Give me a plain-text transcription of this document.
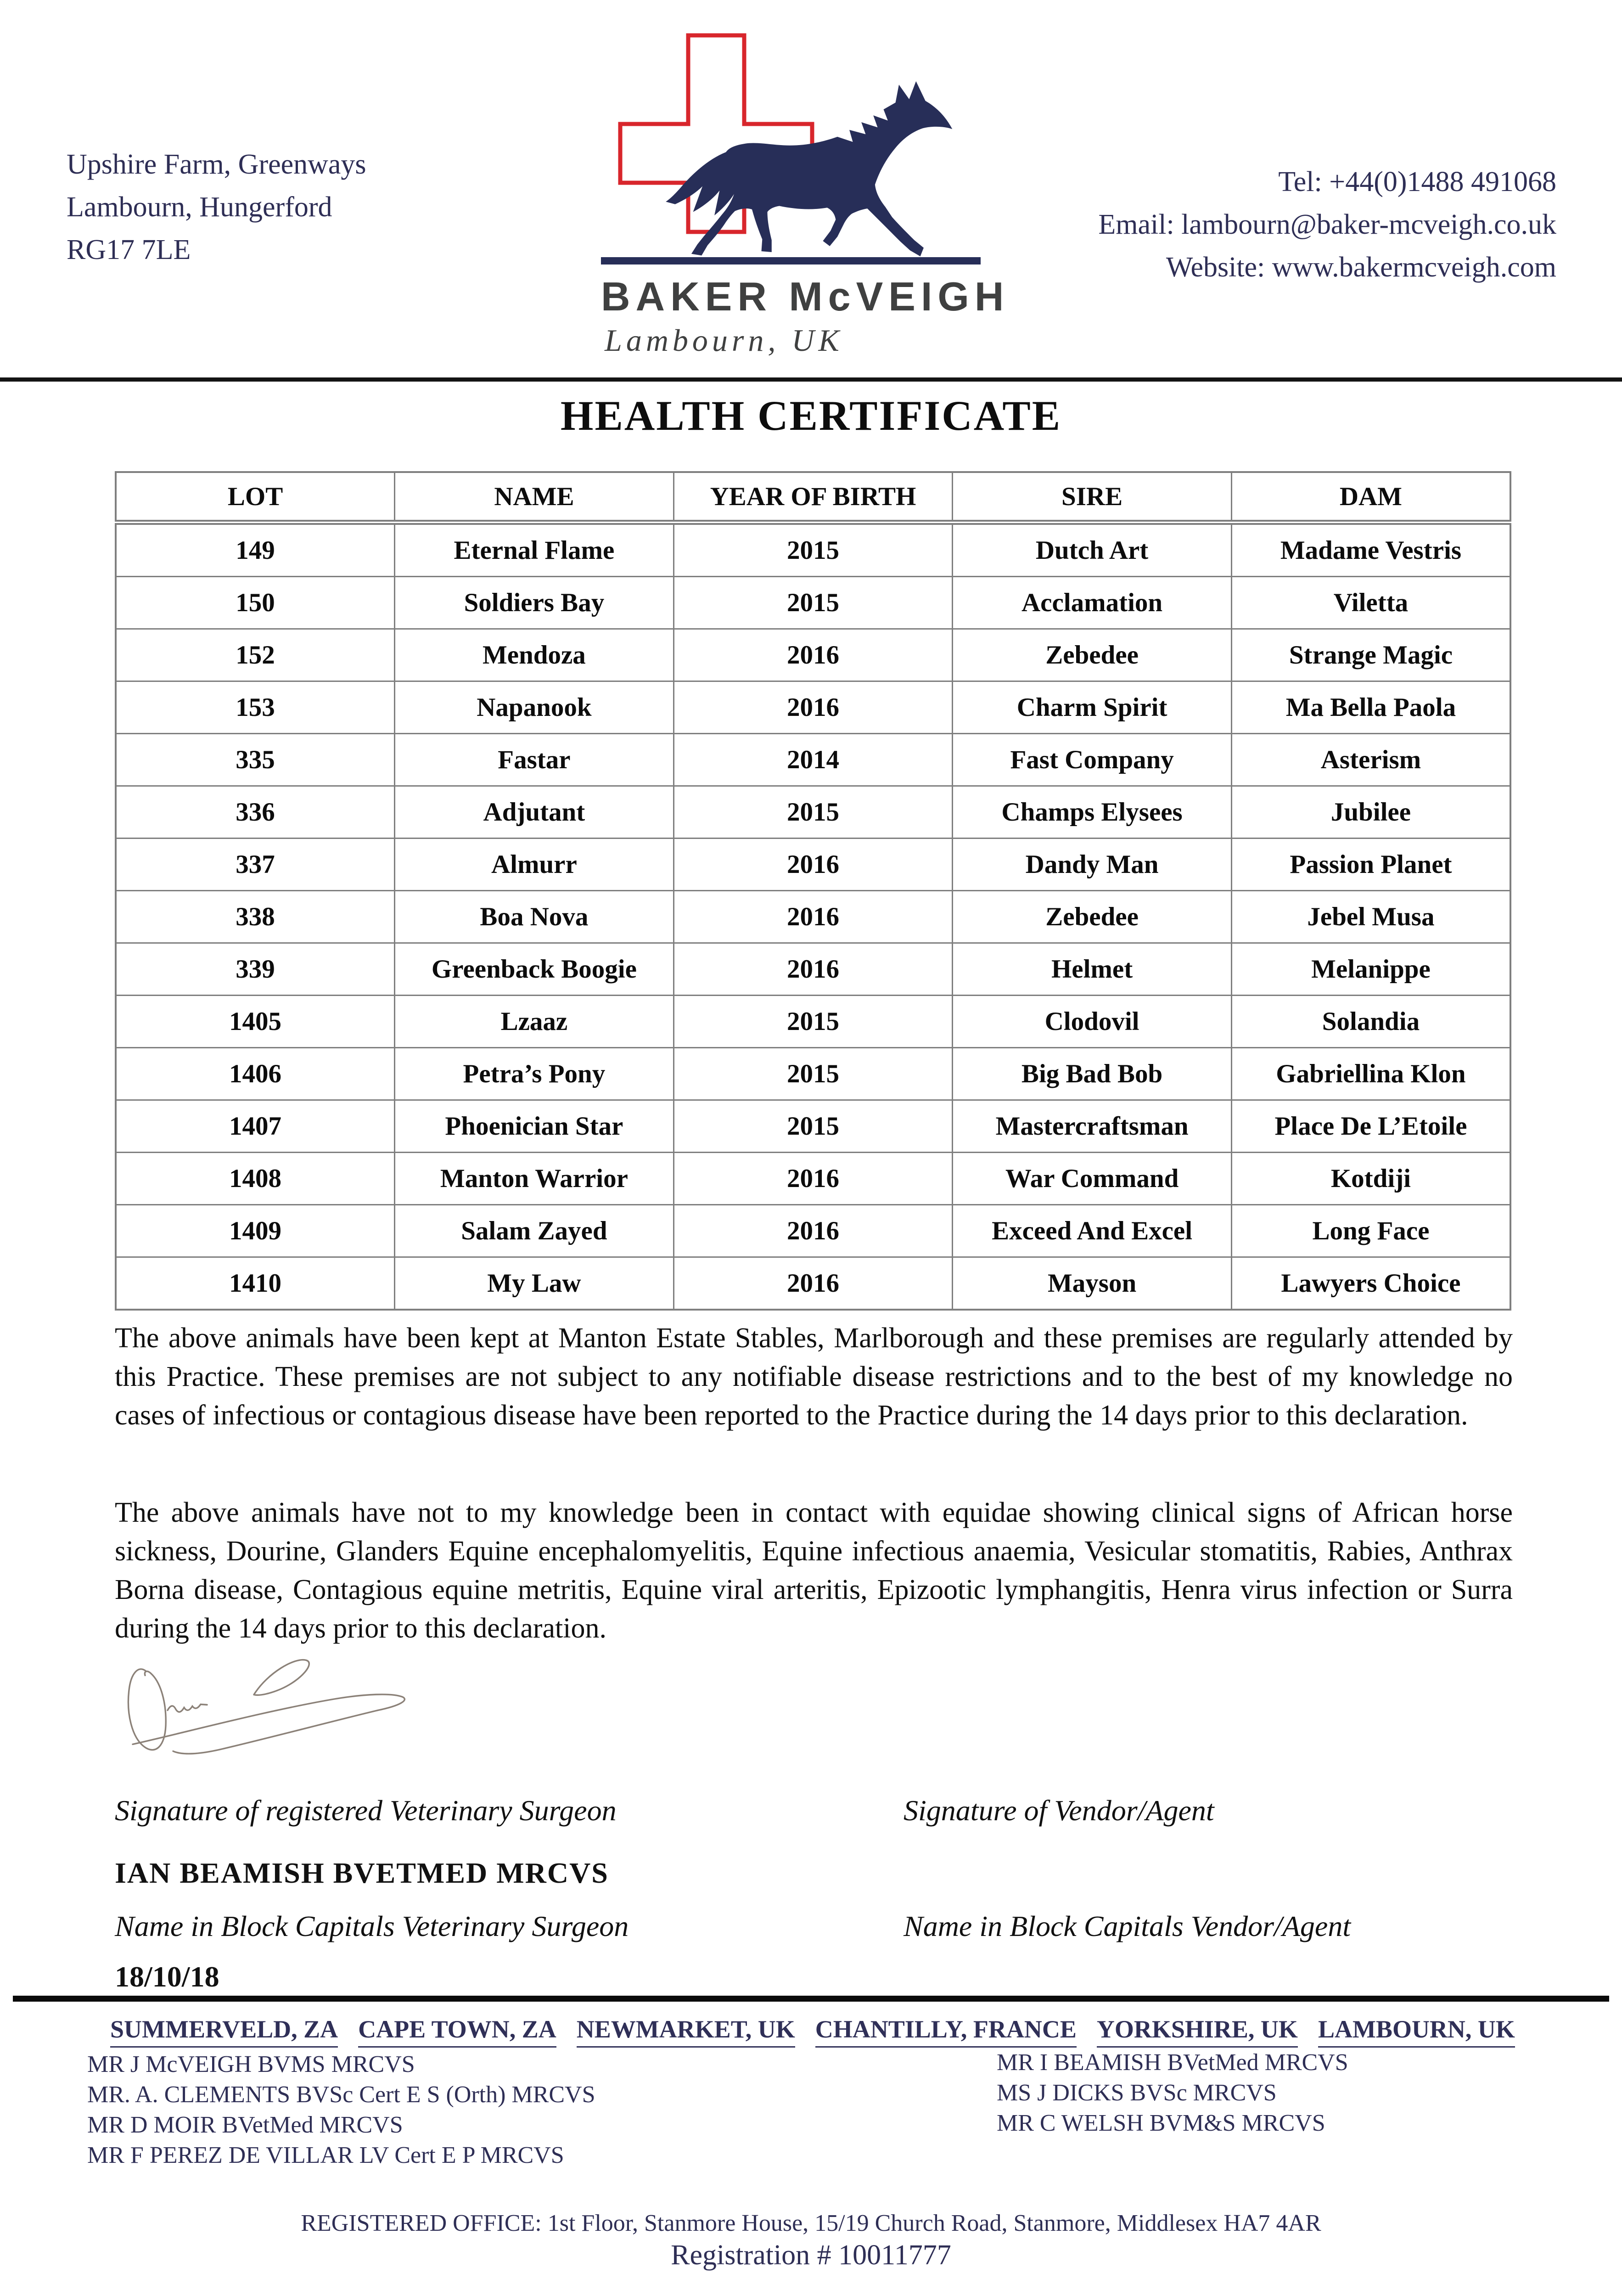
Upshire Farm, Greenways
Lambourn, Hungerford
RG17 7LE
Tel: +44(0)1488 491068
Email: lambourn@baker-mcveigh.co.uk
Website: www.bakermcveigh.com
BAKER McVEIGH
Lambourn, UK
HEALTH CERTIFICATE
LOT	NAME	YEAR OF BIRTH	SIRE	DAM
149	Eternal Flame	2015	Dutch Art	Madame Vestris
150	Soldiers Bay	2015	Acclamation	Viletta
152	Mendoza	2016	Zebedee	Strange Magic
153	Napanook	2016	Charm Spirit	Ma Bella Paola
335	Fastar	2014	Fast Company	Asterism
336	Adjutant	2015	Champs Elysees	Jubilee
337	Almurr	2016	Dandy Man	Passion Planet
338	Boa Nova	2016	Zebedee	Jebel Musa
339	Greenback Boogie	2016	Helmet	Melanippe
1405	Lzaaz	2015	Clodovil	Solandia
1406	Petra’s Pony	2015	Big Bad Bob	Gabriellina Klon
1407	Phoenician Star	2015	Mastercraftsman	Place De L’Etoile
1408	Manton Warrior	2016	War Command	Kotdiji
1409	Salam Zayed	2016	Exceed And Excel	Long Face
1410	My Law	2016	Mayson	Lawyers Choice

The above animals have been kept at Manton Estate Stables, Marlborough and these premises are regularly attended by this Practice. These premises are not subject to any notifiable disease restrictions and to the best of my knowledge no cases of infectious or contagious disease have been reported to the Practice during the 14 days prior to this declaration.

The above animals have not to my knowledge been in contact with equidae showing clinical signs of African horse sickness, Dourine, Glanders Equine encephalomyelitis, Equine infectious anaemia, Vesicular stomatitis, Rabies, Anthrax Borna disease, Contagious equine metritis, Equine viral arteritis, Epizootic lymphangitis, Henra virus infection or Surra during the 14 days prior to this declaration.

Signature of registered Veterinary Surgeon	Signature of Vendor/Agent
IAN BEAMISH BVETMED MRCVS
Name in Block Capitals Veterinary Surgeon	Name in Block Capitals Vendor/Agent
18/10/18
SUMMERVELD, ZA CAPE TOWN, ZA NEWMARKET, UK CHANTILLY, FRANCE YORKSHIRE, UK LAMBOURN, UK
MR J McVEIGH BVMS MRCVS
MR. A. CLEMENTS BVSc Cert E S (Orth) MRCVS
MR D MOIR BVetMed MRCVS
MR F PEREZ DE VILLAR LV Cert E P MRCVS
MR I BEAMISH BVetMed MRCVS
MS J DICKS BVSc MRCVS
MR C WELSH BVM&S MRCVS
REGISTERED OFFICE: 1st Floor, Stanmore House, 15/19 Church Road, Stanmore, Middlesex HA7 4AR
Registration # 10011777
